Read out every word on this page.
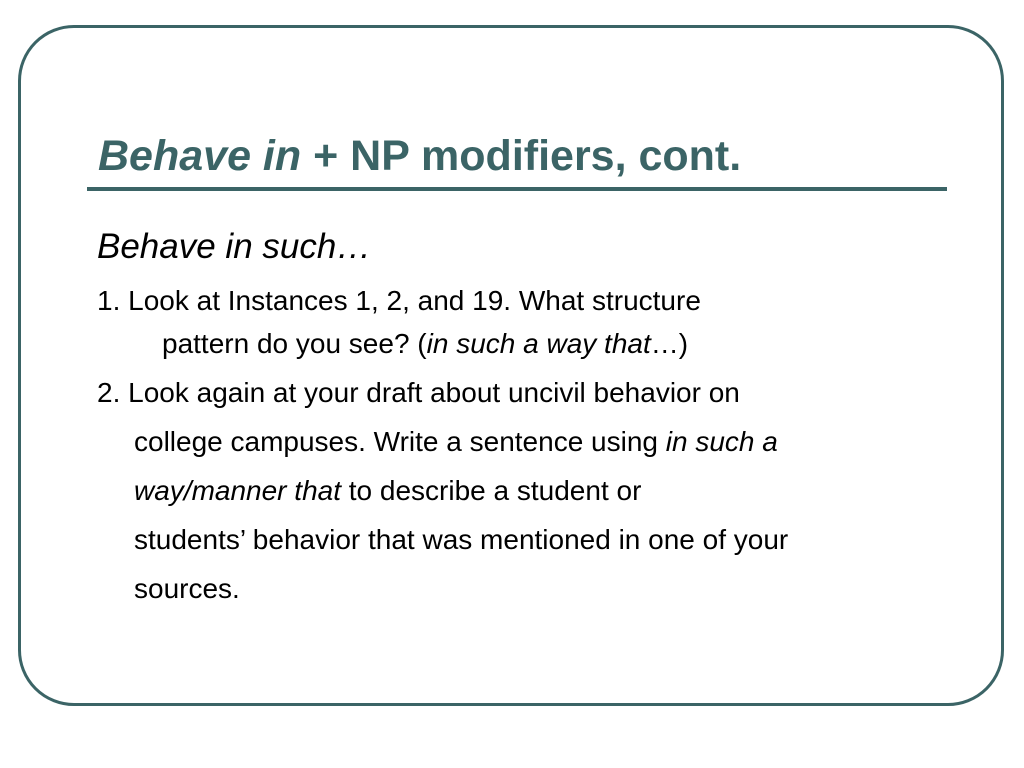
Behave in + NP modifiers, cont.
Behave in such…
1. Look at Instances 1, 2, and 19. What structure
pattern do you see? (in such a way that…)
2. Look again at your draft about uncivil behavior on
college campuses. Write a sentence using in such a
way/manner that to describe a student or
students’ behavior that was mentioned in one of your
sources.
